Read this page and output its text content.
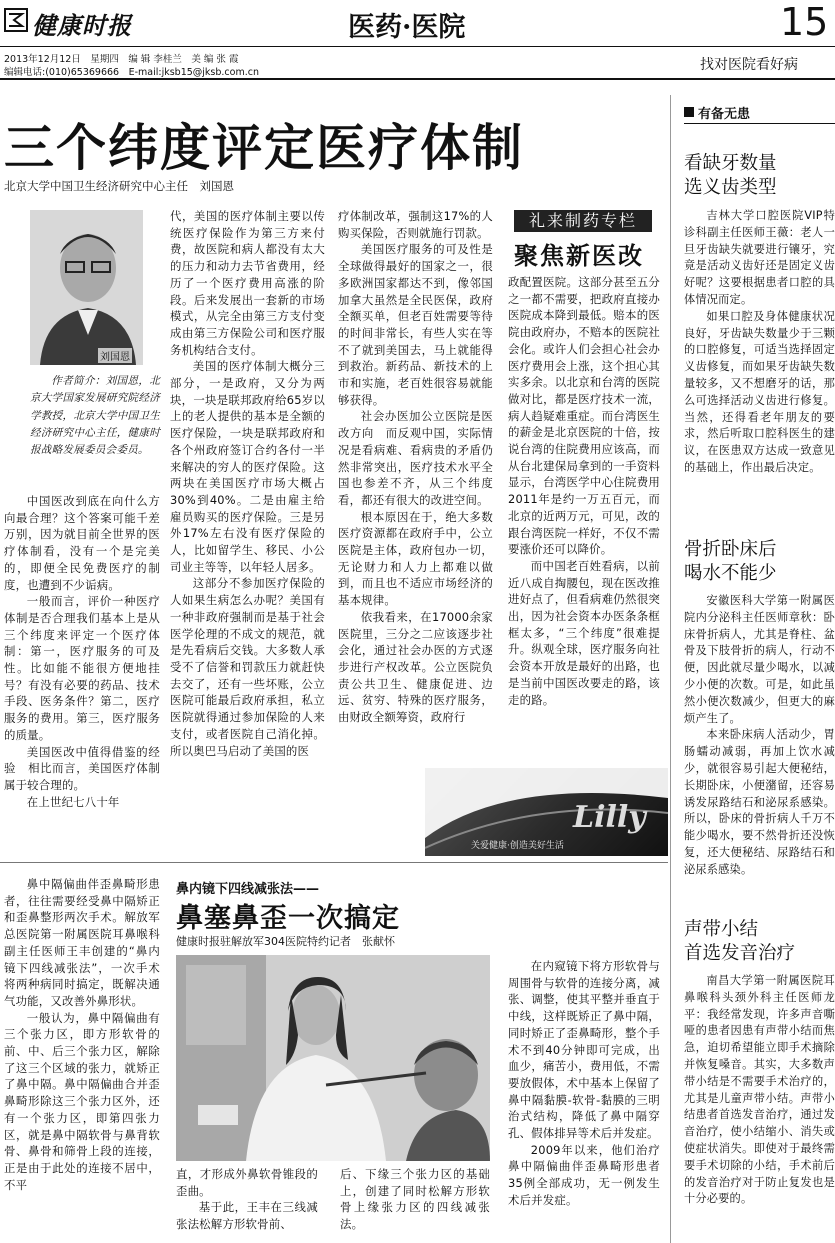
健康时报	医药·医院	15
2013年12月12日　星期四　编 辑 李桂兰　美 编 张 霞
编辑电话:(010)65369666　E-mail:jksb15@jksb.com.cn	找对医院看好病
三个纬度评定医疗体制
北京大学中国卫生经济研究中心主任　刘国恩
刘国恩

作者简介：刘国恩，北京大学国家发展研究院经济学教授，北京大学中国卫生经济研究中心主任，健康时报战略发展委员会委员。

中国医改到底在向什么方向最合理？这个答案可能千差万别，因为就目前全世界的医疗体制看，没有一个是完美的，即便全民免费医疗的制度，也遭到不少诟病。

一般而言，评价一种医疗体制是否合理我们基本上是从三个纬度来评定一个医疗体制：第一，医疗服务的可及性。比如能不能很方便地挂号？有没有必要的药品、技术手段、医务条件？第二，医疗服务的费用。第三，医疗服务的质量。

美国医改中值得借鉴的经验　相比而言，美国医疗体制属于较合理的。

在上世纪七八十年

代，美国的医疗体制主要以传统医疗保险作为第三方来付费，故医院和病人都没有太大的压力和动力去节省费用，经历了一个医疗费用高涨的阶段。后来发展出一套新的市场模式，从完全由第三方支付变成由第三方保险公司和医疗服务机构结合支付。

美国的医疗体制大概分三部分，一是政府，又分为两块，一块是联邦政府给65岁以上的老人提供的基本是全额的医疗保险，一块是联邦政府和各个州政府签订合约各付一半来解决的穷人的医疗保险。这两块在美国医疗市场大概占30%到40%。二是由雇主给雇员购买的医疗保险。三是另外17%左右没有医疗保险的人，比如留学生、移民、小公司业主等等，以年轻人居多。

这部分不参加医疗保险的人如果生病怎么办呢？美国有一种非政府强制而是基于社会医学伦理的不成文的规范，就是先看病后交钱。大多数人承受不了信誉和罚款压力就赶快去交了，还有一些坏账，公立医院可能最后政府承担，私立医院就得通过参加保险的人来支付，或者医院自己消化掉。所以奥巴马启动了美国的医

疗体制改革，强制这17%的人购买保险，否则就施行罚款。

美国医疗服务的可及性是全球做得最好的国家之一，很多欧洲国家都达不到，像邻国加拿大虽然是全民医保，政府全额买单，但老百姓需要等待的时间非常长，有些人实在等不了就到美国去，马上就能得到救治。新药品、新技术的上市和实施，老百姓很容易就能够获得。

社会办医加公立医院是医改方向　而反观中国，实际情况是看病难、看病贵的矛盾仍然非常突出，医疗技术水平全国也参差不齐，从三个纬度看，都还有很大的改进空间。

根本原因在于，绝大多数医疗资源都在政府手中，公立医院是主体，政府包办一切，无论财力和人力上都难以做到，而且也不适应市场经济的基本规律。

依我看来，在17000余家医院里，三分之二应该逐步社会化，通过社会办医的方式逐步进行产权改革。公立医院负责公共卫生、健康促进、边远、贫穷、特殊的医疗服务，由财政全额筹资，政府行

礼来制药专栏
聚焦新医改

政配置医院。这部分甚至五分之一都不需要，把政府直接办医院成本降到最低。赔本的医院由政府办，不赔本的医院社会化。或许人们会担心社会办医疗费用会上涨，这个担心其实多余。以北京和台湾的医院做对比，都是医疗技术一流，病人趋疑难重症。而台湾医生的薪金是北京医院的十倍，按说台湾的住院费用应该高，而从台北建保局拿到的一手资料显示，台湾医学中心住院费用2011年是约一万五百元，而北京的近两万元，可见，改的跟台湾医院一样好，不仅不需要涨价还可以降价。

而中国老百姓看病，以前近八成自掏腰包，现在医改推进好点了，但看病难仍然很突出，因为社会资本办医条条框框太多，“三个纬度”很难提升。纵观全球，医疗服务向社会资本开放是最好的出路，也是当前中国医改要走的路，该走的路。

Lilly
关爱健康·创造美好生活
有备无患
看缺牙数量
选义齿类型

吉林大学口腔医院VIP特诊科副主任医师王薇：老人一旦牙齿缺失就要进行镶牙，究竟是活动义齿好还是固定义齿好呢？这要根据患者口腔的具体情况而定。

如果口腔及身体健康状况良好，牙齿缺失数量少于三颗的口腔修复，可适当选择固定义齿修复，而如果牙齿缺失数量较多，又不想磨牙的话，那么可选择活动义齿进行修复。当然，还得看老年朋友的要求，然后听取口腔科医生的建议，在医患双方达成一致意见的基础上，作出最后决定。

骨折卧床后
喝水不能少

安徽医科大学第一附属医院内分泌科主任医师章秋：卧床骨折病人，尤其是脊柱、盆骨及下肢骨折的病人，行动不便，因此就尽量少喝水，以减少小便的次数。可是，如此虽然小便次数减少，但更大的麻烦产生了。

本来卧床病人活动少，胃肠蠕动减弱，再加上饮水减少，就很容易引起大便秘结，长期卧床，小便潴留，还容易诱发尿路结石和泌尿系感染。所以，卧床的骨折病人千万不能少喝水，要不然骨折还没恢复，还大便秘结、尿路结石和泌尿系感染。

声带小结
首选发音治疗

南昌大学第一附属医院耳鼻喉科头颈外科主任医师龙平：我经常发现，许多声音嘶哑的患者因患有声带小结而焦急，迫切希望能立即手术摘除并恢复嗓音。其实，大多数声带小结是不需要手术治疗的，尤其是儿童声带小结。声带小结患者首选发音治疗，通过发音治疗，使小结缩小、消失或使症状消失。即使对于最终需要手术切除的小结，手术前后的发音治疗对于防止复发也是十分必要的。

鼻中隔偏曲伴歪鼻畸形患者，往往需要经受鼻中隔矫正和歪鼻整形两次手术。解放军总医院第一附属医院耳鼻喉科副主任医师王丰创建的“鼻内镜下四线减张法”，一次手术将两种病同时搞定，既解决通气功能，又改善外鼻形状。

一般认为，鼻中隔偏曲有三个张力区，即方形软骨的前、中、后三个张力区，解除了这三个区域的张力，就矫正了鼻中隔。鼻中隔偏曲合并歪鼻畸形除这三个张力区外，还有一个张力区，即第四张力区，就是鼻中隔软骨与鼻背软骨、鼻骨和筛骨上段的连接，正是由于此处的连接不居中，不平

鼻内镜下四线减张法——
鼻塞鼻歪一次搞定
健康时报驻解放军304医院特约记者　张献怀

直，才形成外鼻软骨锥段的歪曲。

基于此，王丰在三线减张法松解方形软骨前、

后、下缘三个张力区的基础上，创建了同时松解方形软骨上缘张力区的四线减张法。

在内窥镜下将方形软骨与周围骨与软骨的连接分离，减张、调整，使其平整并垂直于中线，这样既矫正了鼻中隔，同时矫正了歪鼻畸形，整个手术不到40分钟即可完成，出血少，痛苦小，费用低，不需要放假体，术中基本上保留了鼻中隔黏膜-软骨-黏膜的三明治式结构，降低了鼻中隔穿孔、假体排异等术后并发症。

2009年以来，他们治疗鼻中隔偏曲伴歪鼻畸形患者35例全部成功，无一例发生术后并发症。
